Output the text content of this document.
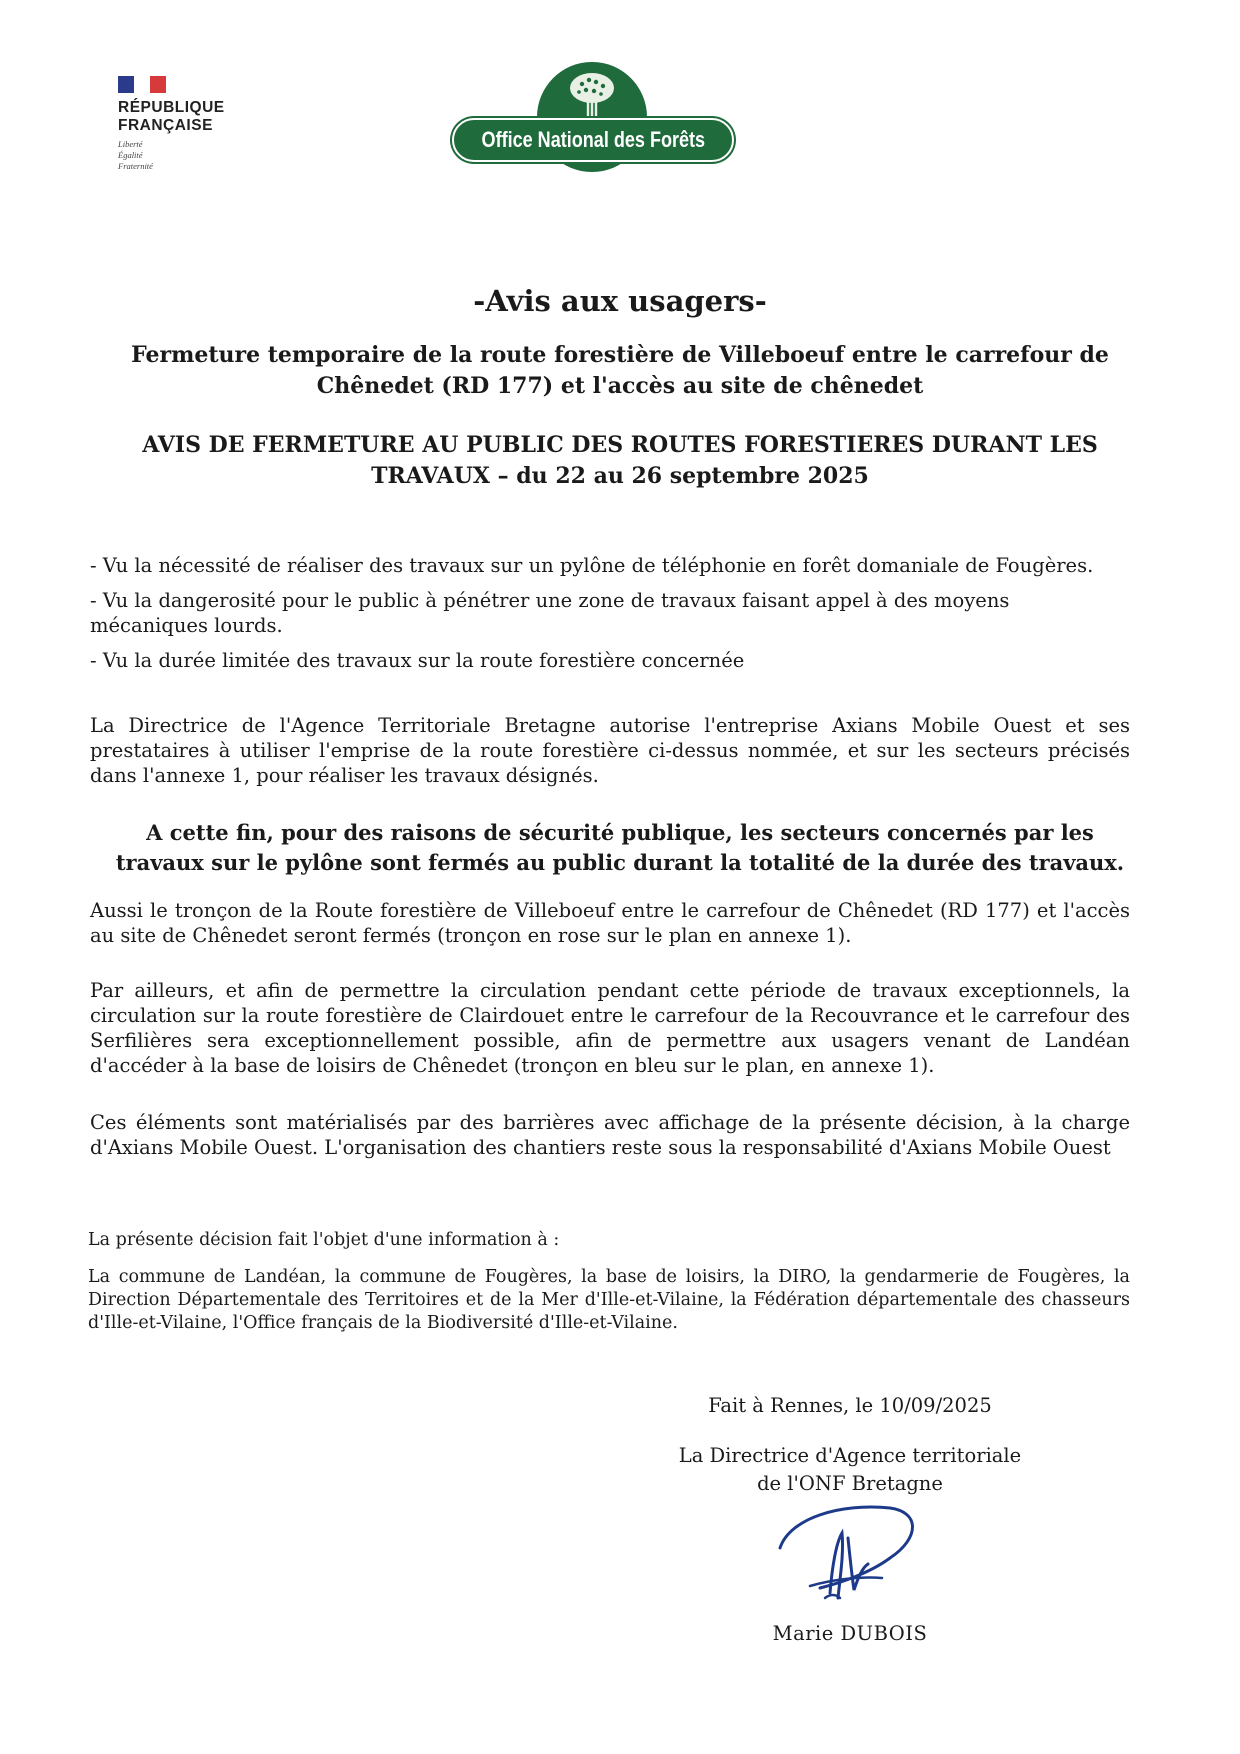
RÉPUBLIQUE
FRANÇAISE
Liberté
Égalité
Fraternité
Office National des Forêts
-Avis aux usagers-
Fermeture temporaire de la route forestière de Villeboeuf entre le carrefour de Chênedet (RD 177) et l'accès au site de chênedet
AVIS DE FERMETURE AU PUBLIC DES ROUTES FORESTIERES DURANT LES TRAVAUX – du 22 au 26 septembre 2025

- Vu la nécessité de réaliser des travaux sur un pylône de téléphonie en forêt domaniale de Fougères.

- Vu la dangerosité pour le public à pénétrer une zone de travaux faisant appel à des moyens mécaniques lourds.

- Vu la durée limitée des travaux sur la route forestière concernée

La Directrice de l'Agence Territoriale Bretagne autorise l'entreprise Axians Mobile Ouest et ses prestataires à utiliser l'emprise de la route forestière ci-dessus nommée, et sur les secteurs précisés dans l'annexe 1, pour réaliser les travaux désignés.
A cette fin, pour des raisons de sécurité publique, les secteurs concernés par les travaux sur le pylône sont fermés au public durant la totalité de la durée des travaux.
Aussi le tronçon de la Route forestière de Villeboeuf entre le carrefour de Chênedet (RD 177) et l'accès au site de Chênedet seront fermés (tronçon en rose sur le plan en annexe 1).
Par ailleurs, et afin de permettre la circulation pendant cette période de travaux exceptionnels, la circulation sur la route forestière de Clairdouet entre le carrefour de la Recouvrance et le carrefour des Serfilières sera exceptionnellement possible, afin de permettre aux usagers venant de Landéan d'accéder à la base de loisirs de Chênedet (tronçon en bleu sur le plan, en annexe 1).
Ces éléments sont matérialisés par des barrières avec affichage de la présente décision, à la charge d'Axians Mobile Ouest. L'organisation des chantiers reste sous la responsabilité d'Axians Mobile Ouest
La présente décision fait l'objet d'une information à :
La commune de Landéan, la commune de Fougères, la base de loisirs, la DIRO, la gendarmerie de Fougères, la Direction Départementale des Territoires et de la Mer d'Ille-et-Vilaine, la Fédération départementale des chasseurs d'Ille-et-Vilaine, l'Office français de la Biodiversité d'Ille-et-Vilaine.
Fait à Rennes, le 10/09/2025
La Directrice d'Agence territoriale
de l'ONF Bretagne
Marie DUBOIS
